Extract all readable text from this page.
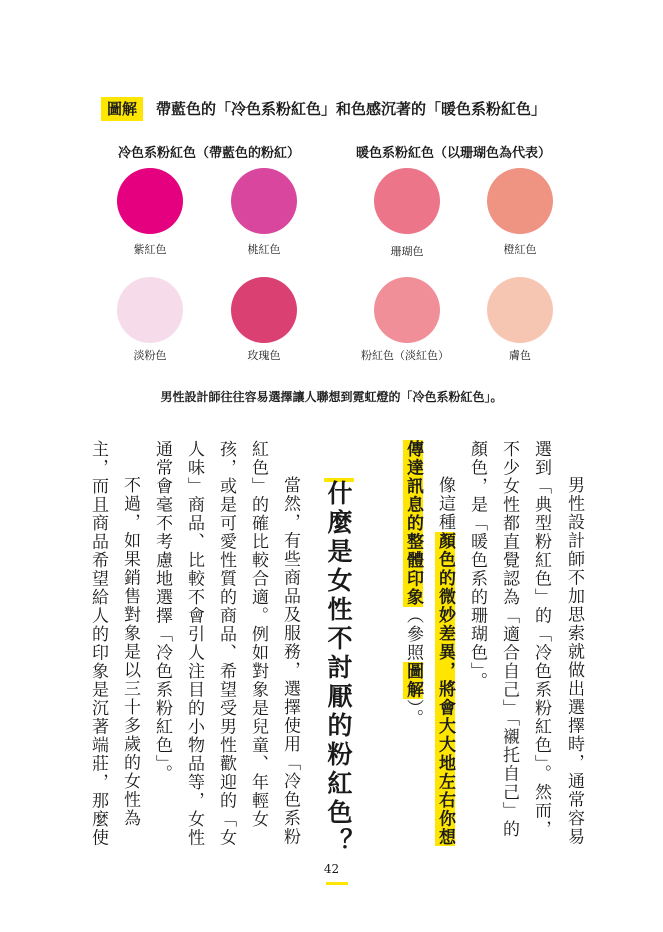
圖解	帶藍色的「冷色系粉紅色」和色感沉著的「暖色系粉紅色」
冷色系粉紅色（帶藍色的粉紅）	暖色系粉紅色（以珊瑚色為代表）
紫紅色	桃紅色	珊瑚色	橙紅色
淡粉色	玫瑰色	粉紅色（淡紅色）	膚色
男性設計師往往容易選擇讓人聯想到霓虹燈的「冷色系粉紅色」。
男性設計師不加思索就做出選擇時，通常容易
選到「典型粉紅色」的「冷色系粉紅色」。然而，
不少女性都直覺認為「適合自己」「襯托自己」的
顏色，是「暖色系的珊瑚色」。
像這種顏色的微妙差異，將會大大地左右你想
傳達訊息的整體印象（參照圖解）。
什麼是女性不討厭的粉紅色？
當然，有些商品及服務，選擇使用「冷色系粉
紅色」的確比較合適。例如對象是兒童、年輕女
孩，或是可愛性質的商品、希望受男性歡迎的「女
人味」商品、比較不會引人注目的小物品等，女性
通常會毫不考慮地選擇「冷色系粉紅色」。
不過，如果銷售對象是以三十多歲的女性為
主，而且商品希望給人的印象是沉著端莊，那麼使
42
